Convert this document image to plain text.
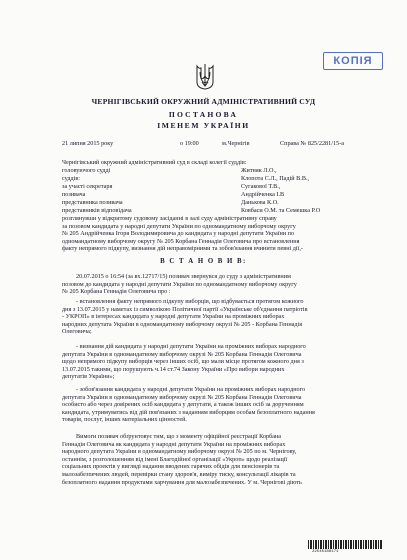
КОПІЯ
ЧЕРНІГІВСЬКИЙ ОКРУЖНИЙ АДМІНІСТРАТИВНИЙ СУД
ПОСТАНОВА
ІМЕНЕМ УКРАЇНИ
21 липня 2015 року	о 19:00	м.Чернігів	Справа № 825/2281/15-а
Чернігівський окружний адміністративний суд в складі колегії суддів:
головуючого судді	Житняк Л.О.,
суддів:	Клопота С.Л., Падій В.В.,
за участі секретаря	Сугакової Т.В.,
позивача	Андрійченка І.В
представника позивача	Данькова К.О.
представників відповідача	Ковбаси О.М. та Семешка Р.О
розглянувши у відкритому судовому засіданні в залі суду адміністративну справу
за позовом кандидата у народні депутати України по одномандатному виборчому округу
№ 205 Андрійченка Ігоря Володимировича до кандидата у народні депутати України по
одномандатному виборчому округу № 205 Корбана Геннадія Олеговича про встановлення
факту непрямого підкупу, визнання дій неправомірними та зобов'язання вчинити певні дії,-
В С Т А Н О В И В:
20.07.2015 о 16:54 (за вх.12717/15) позивач звернувся до суду з адміністративним
позовом до кандидата у народні депутати України по одномандатному виборчому округу
№ 205 Корбана Геннадія Олеговича про :
- встановлення факту непрямого підкупу виборців, що відбувається протягом кожного
дня з 13.07.2015 у наметах із символікою Політичної партії «Українське об'єднання патріотів
- УКРОП» в інтересах кандидата у народні депутати України на проміжних виборах
народних депутата України в одномандатному виборчому окрузі № 205 - Корбана Геннадія
Олеговича;
- визнання дій кандидата у народні депутати України на проміжних виборах народного
депутата України в одномандатному виборчому окрузі № 205 Корбана Геннадія Олеговича
щодо непрямого підкупу виборців через інших осіб, що мали місце протягом кожного дня з
13.07.2015 такими, що порушують ч.14 ст.74 Закону України «Про вибори народних
депутатів України»;
- зобов'язання кандидата у народні депутати України на проміжних виборах народного
депутата України в одномандатному виборчому окрузі № 205 Корбана Геннадія Олеговича
особисто або через довірених осіб кандидата у депутати, а також інших осіб за дорученням
кандидата, утримуватись від дій пов'язаних з наданням виборцям особам безоплатного надання
товарів, послуг, інших матеріальних цінностей.
Вимоги позивач обґрунтовує тим, що з моменту офіційної реєстрації Корбана
Геннадія Олеговича як кандидата у народні депутати України на проміжних виборах
народного депутата України в одномандатному виборчому окрузі № 205 по м. Чернігову,
останнім, з розголошенням від імені Благодійної організації «Укроп» щодо реалізації
соціальних проектів у вигляді надання вводених гарячих обідів для пенсіонерів та
малозабезпечених людей, перевірки стану здоров'я, виміру тиску, консультації лікарів та
безоплатного надання продуктами харчування для малозабезпечених. У м. Чернігові діють
22545188171
